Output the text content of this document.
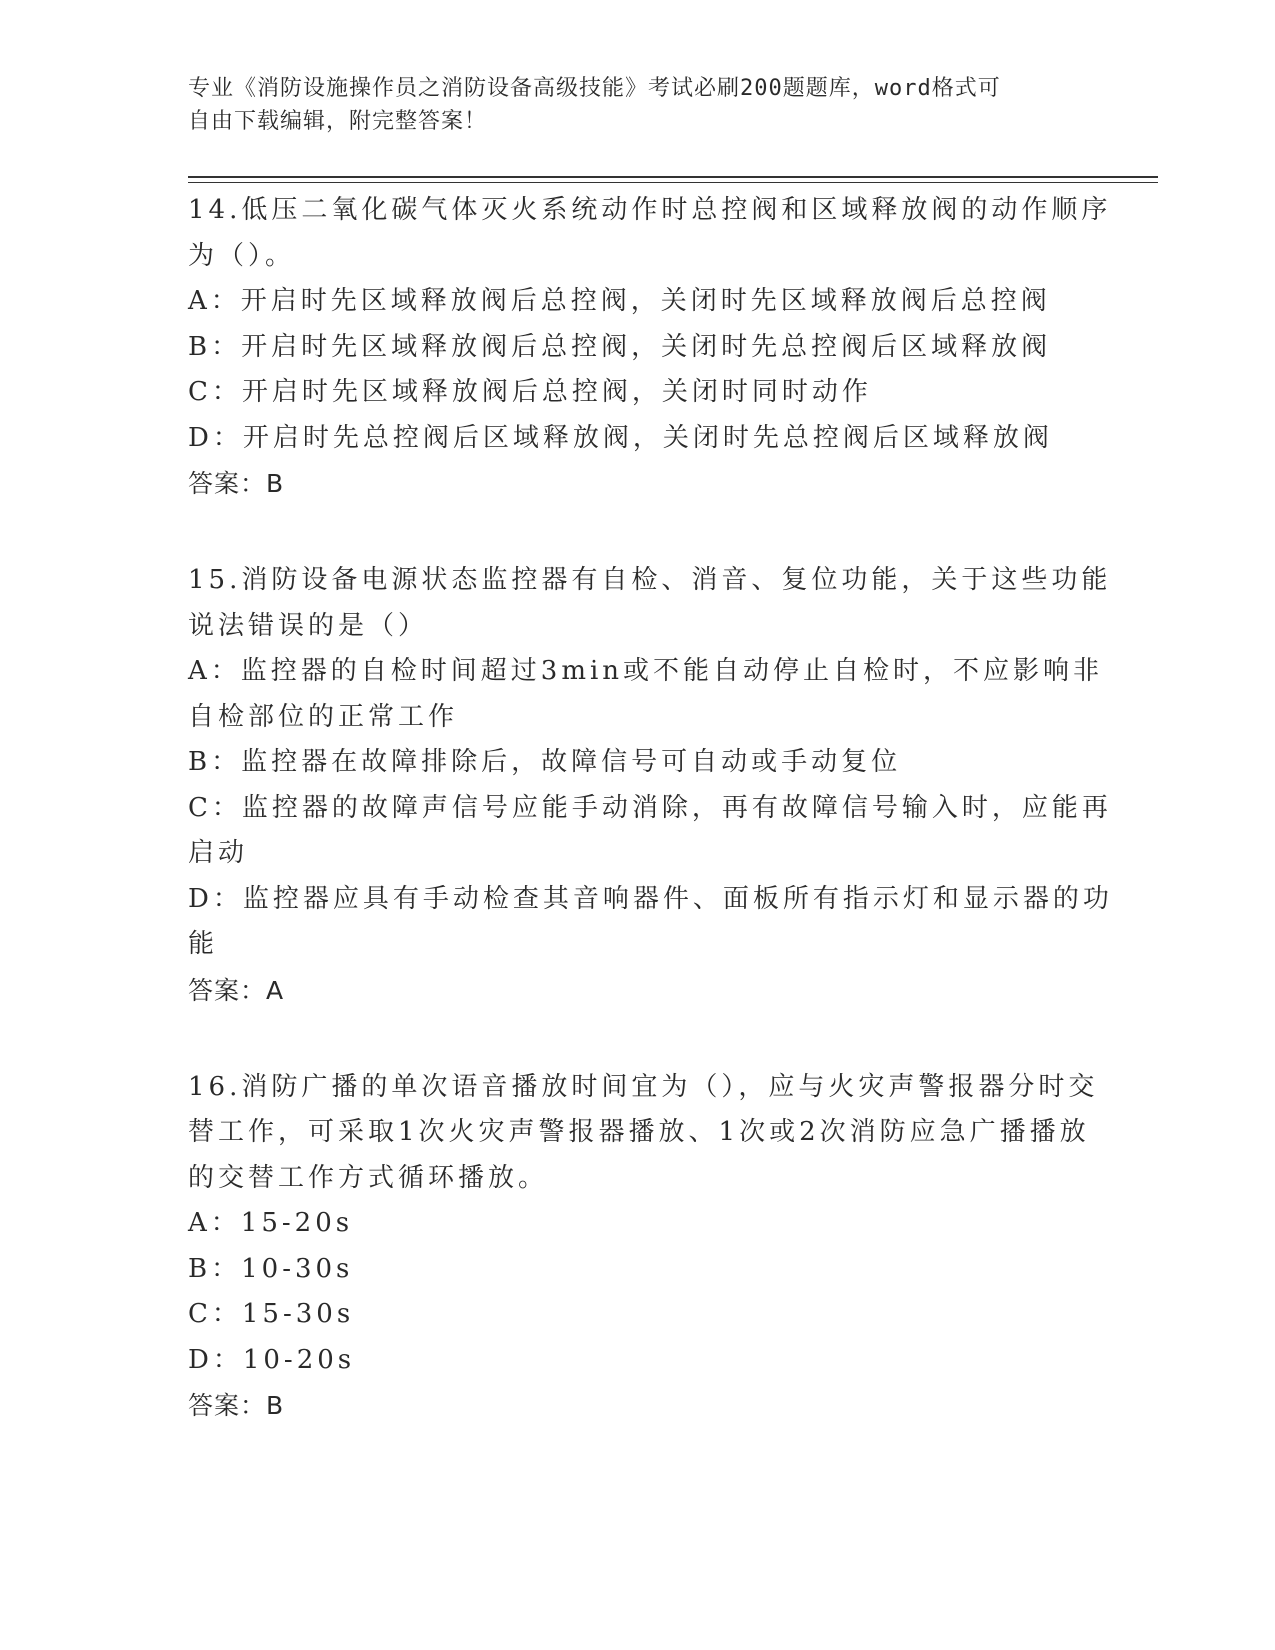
专业《消防设施操作员之消防设备高级技能》考试必刷200题题库，word格式可
自由下载编辑，附完整答案！
14.低压二氧化碳气体灭火系统动作时总控阀和区域释放阀的动作顺序
为（）。
A：开启时先区域释放阀后总控阀，关闭时先区域释放阀后总控阀
B：开启时先区域释放阀后总控阀，关闭时先总控阀后区域释放阀
C：开启时先区域释放阀后总控阀，关闭时同时动作
D：开启时先总控阀后区域释放阀，关闭时先总控阀后区域释放阀
答案：B
15.消防设备电源状态监控器有自检、消音、复位功能，关于这些功能
说法错误的是（）
A：监控器的自检时间超过3min或不能自动停止自检时，不应影响非
自检部位的正常工作
B：监控器在故障排除后，故障信号可自动或手动复位
C：监控器的故障声信号应能手动消除，再有故障信号输入时，应能再
启动
D：监控器应具有手动检查其音响器件、面板所有指示灯和显示器的功
能
答案：A
16.消防广播的单次语音播放时间宜为（），应与火灾声警报器分时交
替工作，可采取1次火灾声警报器播放、1次或2次消防应急广播播放
的交替工作方式循环播放。
A：15-20s
B：10-30s
C：15-30s
D：10-20s
答案：B
